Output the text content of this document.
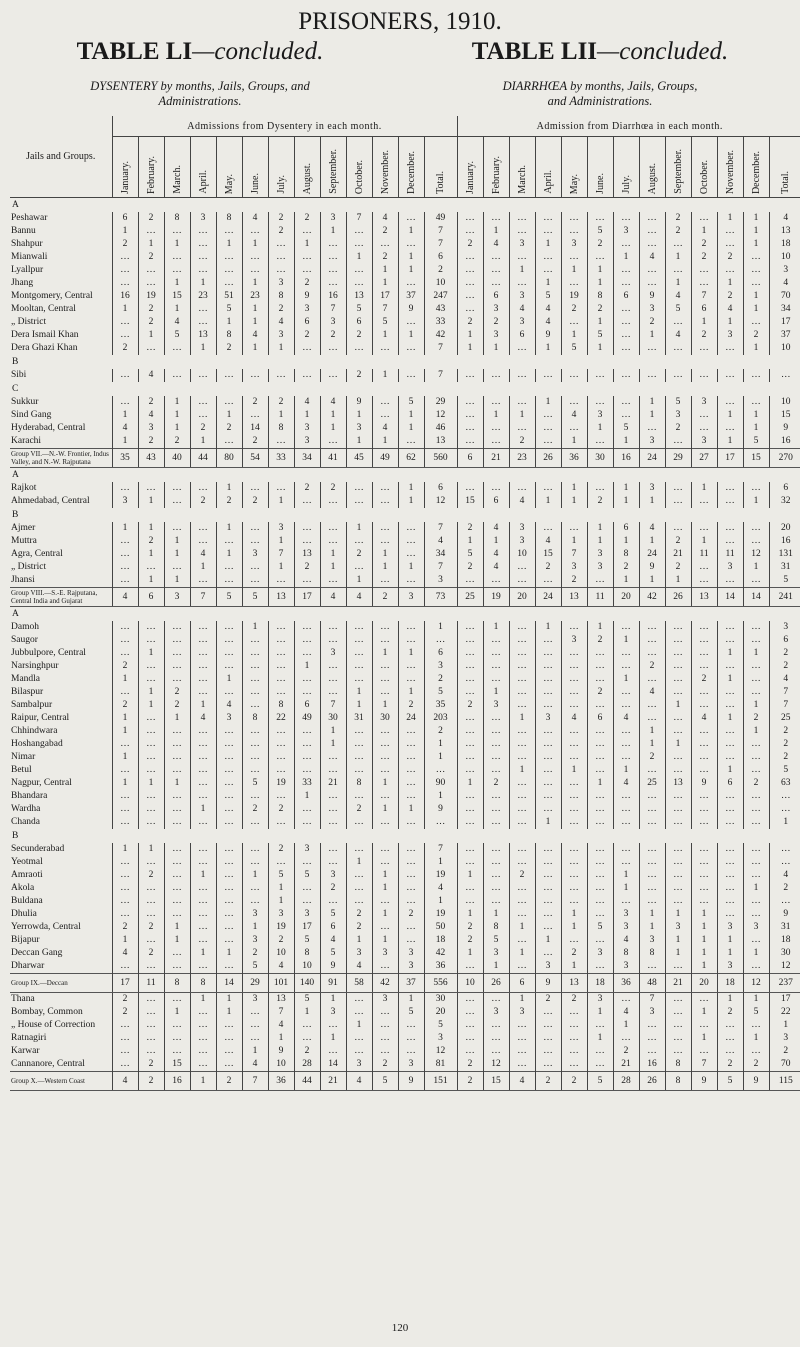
PRISONERS, 1910.
TABLE LI—concluded.	TABLE LII—concluded.
DYSENTERY by months, Jails, Groups, and
Administrations.
DIARRHŒA by months, Jails, Groups,
and Administrations.
Jails and Groups.	Admissions from Dysentery in each month.													Admission from Diarrhœa in each month.												
	January.	February.	March.	April.	May.	June.	July.	August.	September.	October.	November.	December.	Total.	January.	February.	March.	April.	May.	June.	July.	August.	September.	October.	November.	December.	Total.
A																										
Peshawar	6	2	8	3	8	4	2	2	3	7	4	…	49	…	…	…	…	…	…	…	…	2	…	1	1	4
Bannu	1	…	…	…	…	…	2	…	1	…	2	1	7	…	1	…	…	…	5	3	…	2	1	…	1	13
Shahpur	2	1	1	…	1	1	…	1	…	…	…	…	7	2	4	3	1	3	2	…	…	…	2	…	1	18
Mianwali	…	2	…	…	…	…	…	…	…	1	2	1	6	…	…	…	…	…	…	1	4	1	2	2	…	10
Lyallpur	…	…	…	…	…	…	…	…	…	…	1	1	2	…	…	1	…	1	1	…	…	…	…	…	…	3
Jhang	…	…	1	1	…	1	3	2	…	…	1	…	10	…	…	…	1	…	1	…	…	1	…	1	…	4
Montgomery, Central	16	19	15	23	51	23	8	9	16	13	17	37	247	…	6	3	5	19	8	6	9	4	7	2	1	70
Mooltan, Central	1	2	1	…	5	1	2	3	7	5	7	9	43	…	3	4	4	2	2	…	3	5	6	4	1	34
„ District	…	2	4	…	1	1	4	6	3	6	5	…	33	2	2	3	4	…	1	…	2	…	1	1	…	17
Dera Ismail Khan	…	1	5	13	8	4	3	2	2	2	1	1	42	1	3	6	9	1	5	…	1	4	2	3	2	37
Dera Ghazi Khan	2	…	…	1	2	1	1	…	…	…	…	…	7	1	1	…	1	5	1	…	…	…	…	…	1	10
B																										
Sibi	…	4	…	…	…	…	…	…	…	2	1	…	7	…	…	…	…	…	…	…	…	…	…	…	…	…
C																										
Sukkur	…	2	1	…	…	2	2	4	4	9	…	5	29	…	…	…	1	…	…	…	1	5	3	…	…	10
Sind Gang	1	4	1	…	1	…	1	1	1	1	…	1	12	…	1	1	…	4	3	…	1	3	…	1	1	15
Hyderabad, Central	4	3	1	2	2	14	8	3	1	3	4	1	46	…	…	…	…	…	1	5	…	2	…	…	1	9
Karachi	1	2	2	1	…	2	…	3	…	1	1	…	13	…	…	2	…	1	…	1	3	…	3	1	5	16
Group VII.—N.-W. Frontier, Indus Valley, and N.-W. Rajputana	35	43	40	44	80	54	33	34	41	45	49	62	560	6	21	23	26	36	30	16	24	29	27	17	15	270
A																										
Rajkot	…	…	…	…	1	…	…	2	2	…	…	1	6	…	…	…	…	1	…	1	3	…	1	…	…	6
Ahmedabad, Central	3	1	…	2	2	2	1	…	…	…	…	1	12	15	6	4	1	1	2	1	1	…	…	…	1	32
B																										
Ajmer	1	1	…	…	1	…	3	…	…	1	…	…	7	2	4	3	…	…	1	6	4	…	…	…	…	20
Muttra	…	2	1	…	…	…	1	…	…	…	…	…	4	1	1	3	4	1	1	1	1	2	1	…	…	16
Agra, Central	…	1	1	4	1	3	7	13	1	2	1	…	34	5	4	10	15	7	3	8	24	21	11	11	12	131
„ District	…	…	…	1	…	…	1	2	1	…	1	1	7	2	4	…	2	3	3	2	9	2	…	3	1	31
Jhansi	…	1	1	…	…	…	…	…	…	1	…	…	3	…	…	…	…	2	…	1	1	1	…	…	…	5
Group VIII.—S.-E. Rajputana, Central India and Gujarat	4	6	3	7	5	5	13	17	4	4	2	3	73	25	19	20	24	13	11	20	42	26	13	14	14	241
A																										
Damoh	…	…	…	…	…	1	…	…	…	…	…	…	1	…	1	…	1	…	1	…	…	…	…	…	…	3
Saugor	…	…	…	…	…	…	…	…	…	…	…	…	…	…	…	…	…	3	2	1	…	…	…	…	…	6
Jubbulpore, Central	…	1	…	…	…	…	…	…	3	…	1	1	6	…	…	…	…	…	…	…	…	…	…	1	1	2
Narsinghpur	2	…	…	…	…	…	…	1	…	…	…	…	3	…	…	…	…	…	…	…	2	…	…	…	…	2
Mandla	1	…	…	…	1	…	…	…	…	…	…	…	2	…	…	…	…	…	…	1	…	…	2	1	…	4
Bilaspur	…	1	2	…	…	…	…	…	…	1	…	1	5	…	1	…	…	…	2	…	4	…	…	…	…	7
Sambalpur	2	1	2	1	4	…	8	6	7	1	1	2	35	2	3	…	…	…	…	…	…	1	…	…	1	7
Raipur, Central	1	…	1	4	3	8	22	49	30	31	30	24	203	…	…	1	3	4	6	4	…	…	4	1	2	25
Chhindwara	1	…	…	…	…	…	…	…	1	…	…	…	2	…	…	…	…	…	…	…	1	…	…	…	1	2
Hoshangabad	…	…	…	…	…	…	…	…	1	…	…	…	1	…	…	…	…	…	…	…	1	1	…	…	…	2
Nimar	1	…	…	…	…	…	…	…	…	…	…	…	1	…	…	…	…	…	…	…	2	…	…	…	…	2
Betul	…	…	…	…	…	…	…	…	…	…	…	…	…	…	…	1	…	1	…	1	…	…	…	1	…	5
Nagpur, Central	1	1	1	…	…	5	19	33	21	8	1	…	90	1	2	…	…	…	1	4	25	13	9	6	2	63
Bhandara	…	…	…	…	…	…	…	1	…	…	…	…	1	…	…	…	…	…	…	…	…	…	…	…	…	…
Wardha	…	…	…	1	…	2	2	…	…	2	1	1	9	…	…	…	…	…	…	…	…	…	…	…	…	…
Chanda	…	…	…	…	…	…	…	…	…	…	…	…	…	…	…	…	1	…	…	…	…	…	…	…	…	1
B																										
Secunderabad	1	1	…	…	…	…	2	3	…	…	…	…	7	…	…	…	…	…	…	…	…	…	…	…	…	…
Yeotmal	…	…	…	…	…	…	…	…	…	1	…	…	1	…	…	…	…	…	…	…	…	…	…	…	…	…
Amraoti	…	2	…	1	…	1	5	5	3	…	1	…	19	1	…	2	…	…	…	1	…	…	…	…	…	4
Akola	…	…	…	…	…	…	1	…	2	…	1	…	4	…	…	…	…	…	…	1	…	…	…	…	1	2
Buldana	…	…	…	…	…	…	1	…	…	…	…	…	1	…	…	…	…	…	…	…	…	…	…	…	…	…
Dhulia	…	…	…	…	…	3	3	3	5	2	1	2	19	1	1	…	…	1	…	3	1	1	1	…	…	9
Yerrowda, Central	2	2	1	…	…	1	19	17	6	2	…	…	50	2	8	1	…	1	5	3	1	3	1	3	3	31
Bijapur	1	…	1	…	…	3	2	5	4	1	1	…	18	2	5	…	1	…	…	4	3	1	1	1	…	18
Deccan Gang	4	2	…	1	1	2	10	8	5	3	3	3	42	1	3	1	…	2	3	8	8	1	1	1	1	30
Dharwar	…	…	…	…	…	5	4	10	9	4	…	3	36	…	1	…	3	1	…	3	…	…	1	3	…	12
Group IX.—Deccan	17	11	8	8	14	29	101	140	91	58	42	37	556	10	26	6	9	13	18	36	48	21	20	18	12	237
Thana	2	…	…	1	1	3	13	5	1	…	3	1	30	…	…	1	2	2	3	…	7	…	…	1	1	17
Bombay, Common	2	…	1	…	1	…	7	1	3	…	…	5	20	…	3	3	…	…	1	4	3	…	1	2	5	22
„ House of Correction	…	…	…	…	…	…	4	…	…	1	…	…	5	…	…	…	…	…	…	1	…	…	…	…	…	1
Ratnagiri	…	…	…	…	…	…	1	…	1	…	…	…	3	…	…	…	…	…	1	…	…	…	1	…	1	3
Karwar	…	…	…	…	…	1	9	2	…	…	…	…	12	…	…	…	…	…	…	2	…	…	…	…	…	2
Cannanore, Central	…	2	15	…	…	4	10	28	14	3	2	3	81	2	12	…	…	…	…	21	16	8	7	2	2	70
Group X.—Western Coast	4	2	16	1	2	7	36	44	21	4	5	9	151	2	15	4	2	2	5	28	26	8	9	5	9	115
120
